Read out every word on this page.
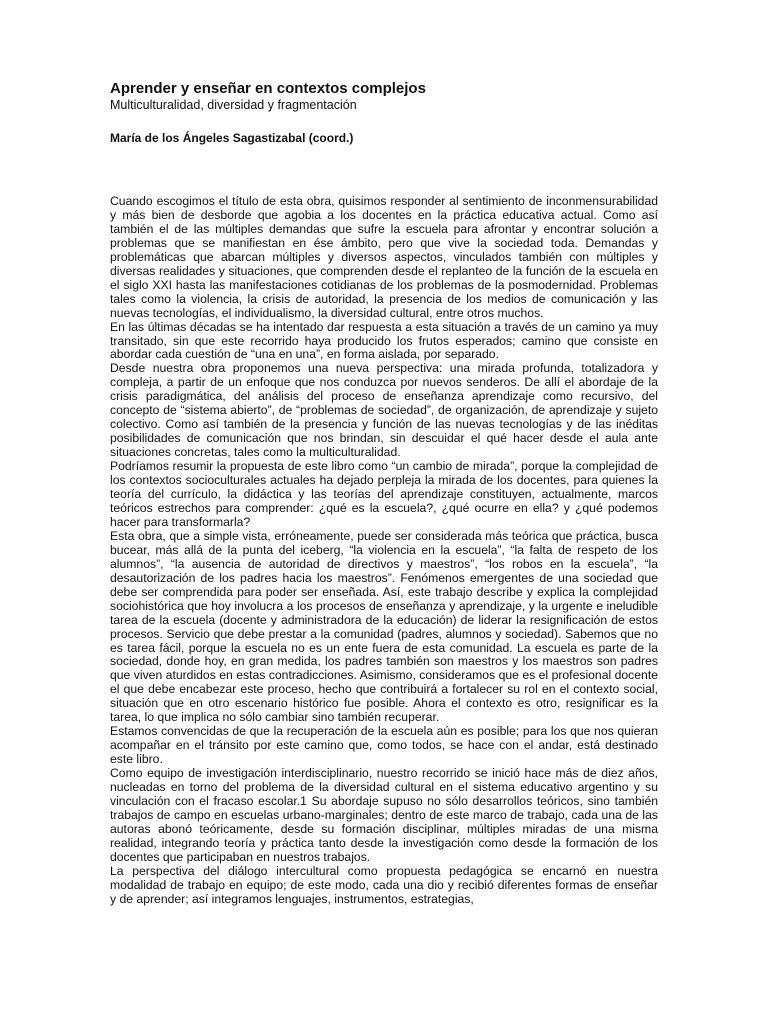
Aprender y enseñar en contextos complejos

Multiculturalidad, diversidad y fragmentación

María de los Ángeles Sagastizabal (coord.)

Cuando escogimos el título de esta obra, quisimos responder al sentimiento de inconmensurabilidad y más bien de desborde que agobia a los docentes en la práctica educativa actual. Como así también el de las múltiples demandas que sufre la escuela para afrontar y encontrar solución a problemas que se manifiestan en ése ámbito, pero que vive la sociedad toda. Demandas y problemáticas que abarcan múltiples y diversos aspectos, vinculados también con múltiples y diversas realidades y situaciones, que comprenden desde el replanteo de la función de la escuela en el siglo XXI hasta las manifestaciones cotidianas de los problemas de la posmodernidad. Problemas tales como la violencia, la crisis de autoridad, la presencia de los medios de comunicación y las nuevas tecnologías, el individualismo, la diversidad cultural, entre otros muchos.

En las últimas décadas se ha intentado dar respuesta a esta situación a través de un camino ya muy transitado, sin que este recorrido haya producido los frutos esperados; camino que consiste en abordar cada cuestión de “una en una”, en forma aislada, por separado.

Desde nuestra obra proponemos una nueva perspectiva: una mirada profunda, totalizadora y compleja, a partir de un enfoque que nos conduzca por nuevos senderos. De allí el abordaje de la crisis paradigmática, del análisis del proceso de enseñanza aprendizaje como recursivo, del concepto de “sistema abierto”, de “problemas de sociedad”, de organización, de aprendizaje y sujeto colectivo. Como así también de la presencia y función de las nuevas tecnologías y de las inéditas posibilidades de comunicación que nos brindan, sin descuidar el qué hacer desde el aula ante situaciones concretas, tales como la multiculturalidad.

Podríamos resumir la propuesta de este libro como “un cambio de mirada”, porque la complejidad de los contextos socioculturales actuales ha dejado perpleja la mirada de los docentes, para quienes la teoría del currículo, la didáctica y las teorías del aprendizaje constituyen, actualmente, marcos teóricos estrechos para comprender: ¿qué es la escuela?, ¿qué ocurre en ella? y ¿qué podemos hacer para transformarla?

Esta obra, que a simple vista, erróneamente, puede ser considerada más teórica que práctica, busca bucear, más allá de la punta del iceberg, “la violencia en la escuela”, “la falta de respeto de los alumnos”, “la ausencia de autoridad de directivos y maestros”, “los robos en la escuela”, “la desautorización de los padres hacia los maestros”. Fenómenos emergentes de una sociedad que debe ser comprendida para poder ser enseñada. Así, este trabajo describe y explica la complejidad sociohistórica que hoy involucra a los procesos de enseñanza y aprendizaje, y la urgente e ineludible tarea de la escuela (docente y administradora de la educación) de liderar la resignificación de estos procesos. Servicio que debe prestar a la comunidad (padres, alumnos y sociedad). Sabemos que no es tarea fácil, porque la escuela no es un ente fuera de esta comunidad. La escuela es parte de la sociedad, donde hoy, en gran medida, los padres también son maestros y los maestros son padres que viven aturdidos en estas contradicciones. Asimismo, consideramos que es el profesional docente el que debe encabezar este proceso, hecho que contribuirá a fortalecer su rol en el contexto social, situación que en otro escenario histórico fue posible. Ahora el contexto es otro, resignificar es la tarea, lo que implica no sólo cambiar sino también recuperar.

Estamos convencidas de que la recuperación de la escuela aún es posible; para los que nos quieran acompañar en el tránsito por este camino que, como todos, se hace con el andar, está destinado este libro.

Como equipo de investigación interdisciplinario, nuestro recorrido se inició hace más de diez años, nucleadas en torno del problema de la diversidad cultural en el sistema educativo argentino y su vinculación con el fracaso escolar.1 Su abordaje supuso no sólo desarrollos teóricos, sino también trabajos de campo en escuelas urbano-marginales; dentro de este marco de trabajo, cada una de las autoras abonó teóricamente, desde su formación disciplinar, múltiples miradas de una misma realidad, integrando teoría y práctica tanto desde la investigación como desde la formación de los docentes que participaban en nuestros trabajos.

La perspectiva del diálogo intercultural como propuesta pedagógica se encarnó en nuestra modalidad de trabajo en equipo; de este modo, cada una dio y recibió diferentes formas de enseñar y de aprender; así integramos lenguajes, instrumentos, estrategias,
